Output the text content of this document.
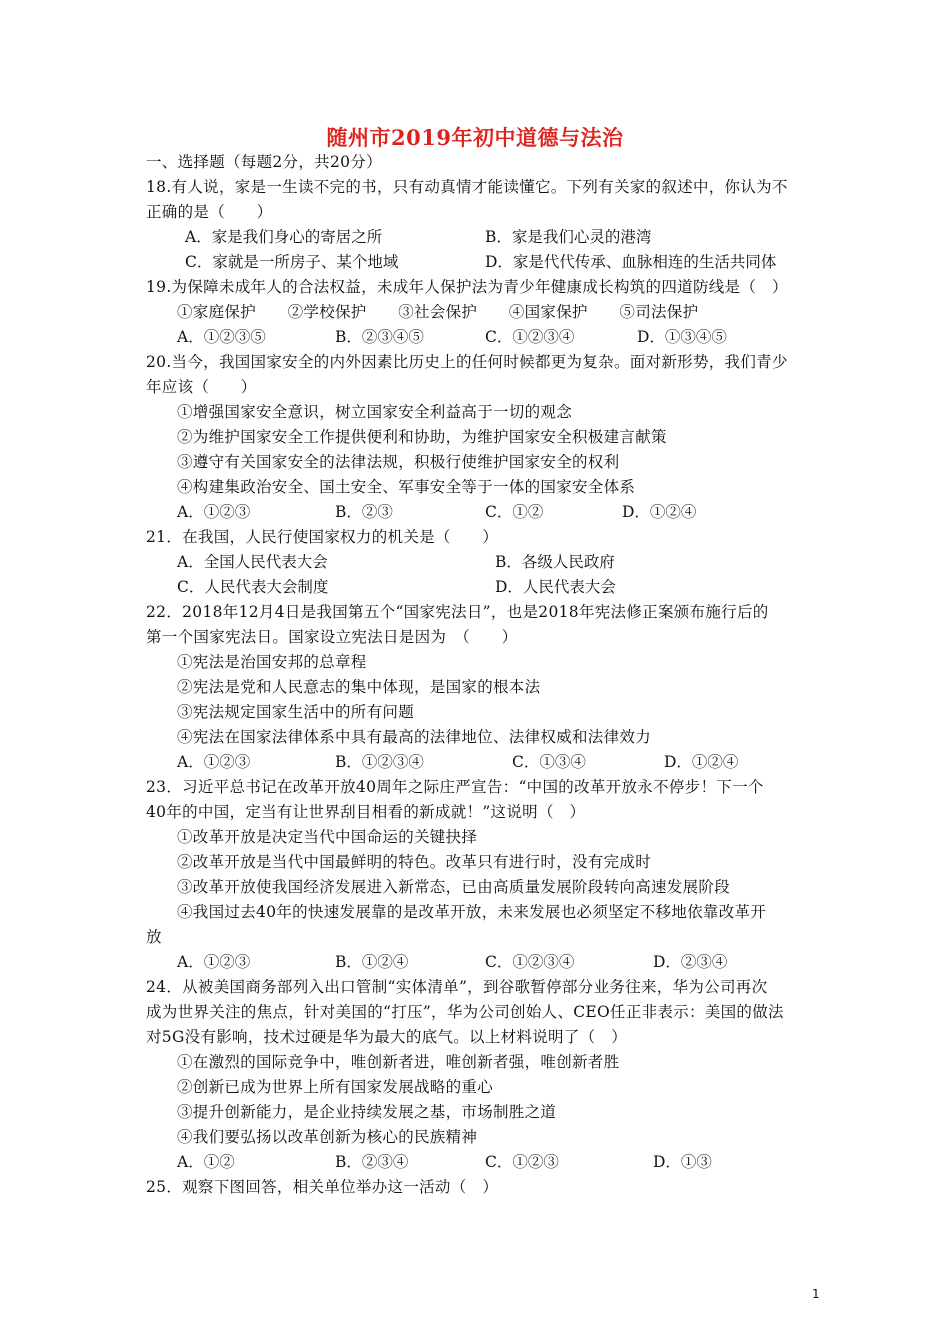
随州市2019年初中道德与法治
一、选择题（每题2分，共20分）
18.有人说，家是一生读不完的书，只有动真情才能读懂它。下列有关家的叙述中，你认为不
正确的是（　　）
A．家是我们身心的寄居之所	B．家是我们心灵的港湾
C．家就是一所房子、某个地域	D．家是代代传承、血脉相连的生活共同体
19.为保障未成年人的合法权益，未成年人保护法为青少年健康成长构筑的四道防线是（　）
①家庭保护　　②学校保护　　③社会保护　　④国家保护　　⑤司法保护
A．①②③⑤	B．②③④⑤	C．①②③④	D．①③④⑤
20.当今，我国国家安全的内外因素比历史上的任何时候都更为复杂。面对新形势，我们青少
年应该（　　）
①增强国家安全意识，树立国家安全利益高于一切的观念
②为维护国家安全工作提供便利和协助，为维护国家安全积极建言献策
③遵守有关国家安全的法律法规，积极行使维护国家安全的权利
④构建集政治安全、国土安全、军事安全等于一体的国家安全体系
A．①②③	B．②③	C．①②	D．①②④
21．在我国，人民行使国家权力的机关是（　　）
A．全国人民代表大会	B．各级人民政府
C．人民代表大会制度	D．人民代表大会
22．2018年12月4日是我国第五个“国家宪法日”，也是2018年宪法修正案颁布施行后的
第一个国家宪法日。国家设立宪法日是因为　（　　）
①宪法是治国安邦的总章程
②宪法是党和人民意志的集中体现，是国家的根本法
③宪法规定国家生活中的所有问题
④宪法在国家法律体系中具有最高的法律地位、法律权威和法律效力
A．①②③	B．①②③④	C．①③④	D．①②④
23．习近平总书记在改革开放40周年之际庄严宣告：“中国的改革开放永不停步！下一个
40年的中国，定当有让世界刮目相看的新成就！”这说明（　）
①改革开放是决定当代中国命运的关键抉择
②改革开放是当代中国最鲜明的特色。改革只有进行时，没有完成时
③改革开放使我国经济发展进入新常态，已由高质量发展阶段转向高速发展阶段
④我国过去40年的快速发展靠的是改革开放，未来发展也必须坚定不移地依靠改革开
放
A．①②③	B．①②④	C．①②③④	D．②③④
24．从被美国商务部列入出口管制“实体清单”，到谷歌暂停部分业务往来，华为公司再次
成为世界关注的焦点，针对美国的“打压”，华为公司创始人、CEO任正非表示：美国的做法
对5G没有影响，技术过硬是华为最大的底气。以上材料说明了（　）
①在激烈的国际竞争中，唯创新者进，唯创新者强，唯创新者胜
②创新已成为世界上所有国家发展战略的重心
③提升创新能力，是企业持续发展之基，市场制胜之道
④我们要弘扬以改革创新为核心的民族精神
A．①②	B．②③④	C．①②③	D．①③
25．观察下图回答，相关单位举办这一活动（　）
1
